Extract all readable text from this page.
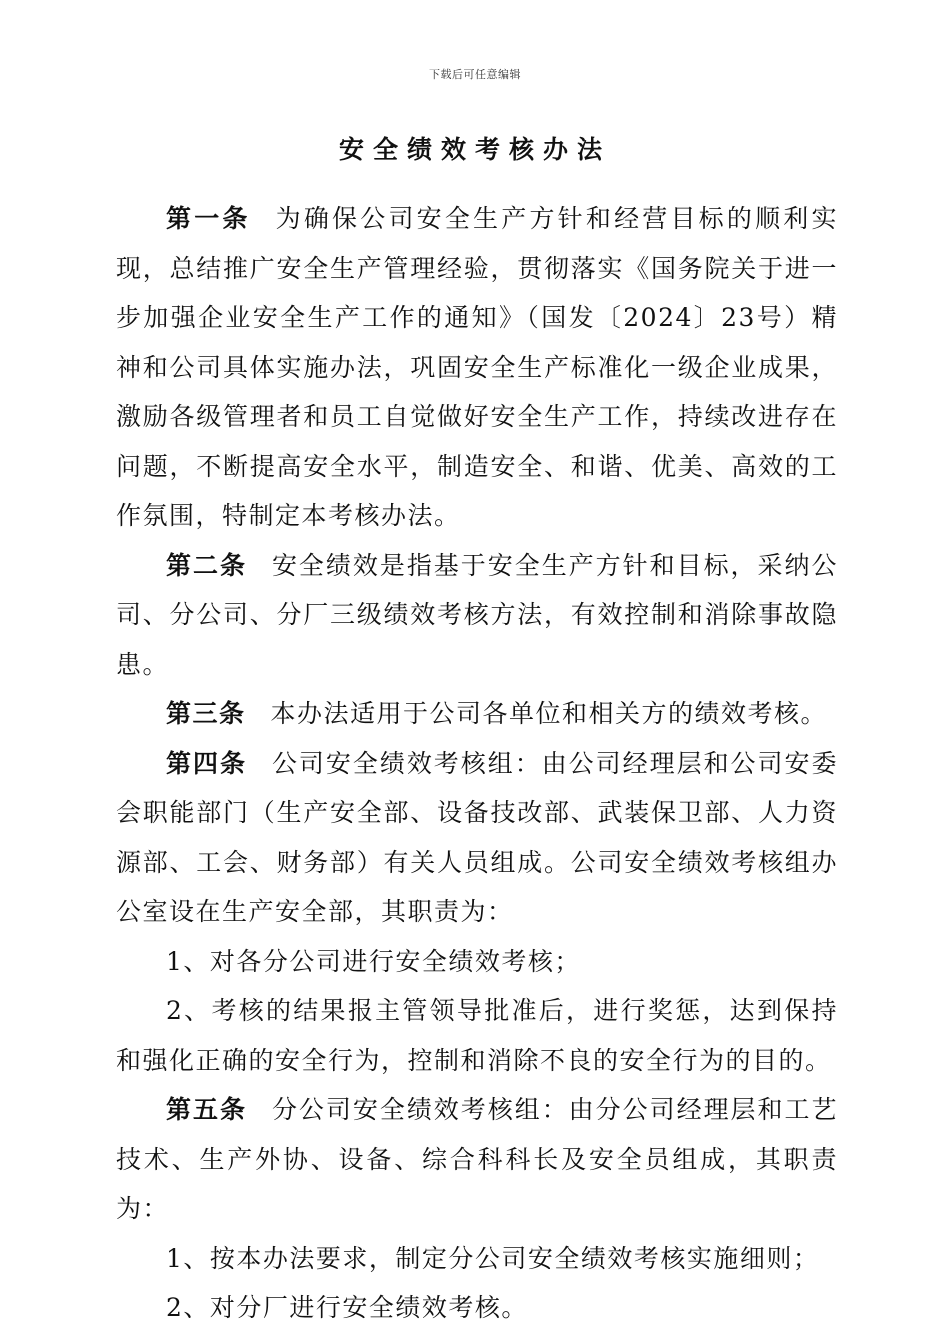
下载后可任意编辑
安全绩效考核办法

第一条 为确保公司安全生产方针和经营目标的顺利实现，总结推广安全生产管理经验，贯彻落实《国务院关于进一步加强企业安全生产工作的通知》（国发〔2024〕23号）精神和公司具体实施办法，巩固安全生产标准化一级企业成果，激励各级管理者和员工自觉做好安全生产工作，持续改进存在问题，不断提高安全水平，制造安全、和谐、优美、高效的工作氛围，特制定本考核办法。

第二条 安全绩效是指基于安全生产方针和目标，采纳公司、分公司、分厂三级绩效考核方法，有效控制和消除事故隐患。

第三条 本办法适用于公司各单位和相关方的绩效考核。

第四条 公司安全绩效考核组：由公司经理层和公司安委会职能部门（生产安全部、设备技改部、武装保卫部、人力资源部、工会、财务部）有关人员组成。公司安全绩效考核组办公室设在生产安全部，其职责为：

1、对各分公司进行安全绩效考核；

2、考核的结果报主管领导批准后，进行奖惩，达到保持和强化正确的安全行为，控制和消除不良的安全行为的目的。

第五条 分公司安全绩效考核组：由分公司经理层和工艺技术、生产外协、设备、综合科科长及安全员组成，其职责为：

1、按本办法要求，制定分公司安全绩效考核实施细则；

2、对分厂进行安全绩效考核。
